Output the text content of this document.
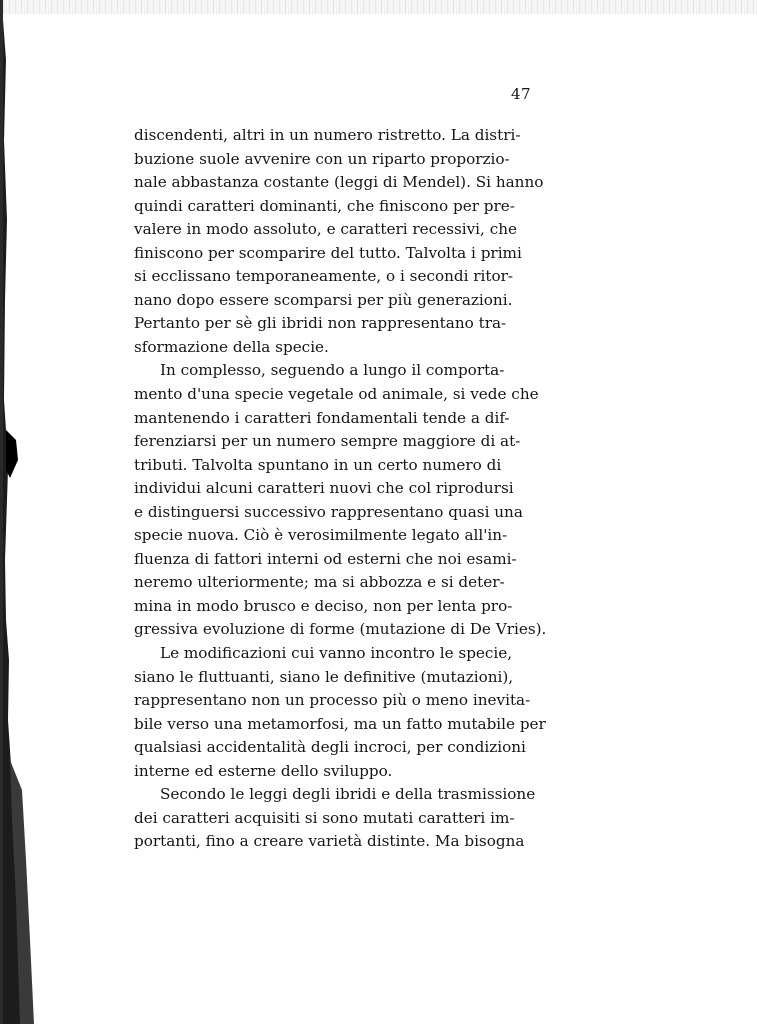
47
discendenti, altri in un numero ristretto. La distri-
buzione suole avvenire con un riparto proporzio-
nale abbastanza costante (leggi di Mendel). Si hanno
quindi caratteri dominanti, che finiscono per pre-
valere in modo assoluto, e caratteri recessivi, che
finiscono per scomparire del tutto. Talvolta i primi
si ecclissano temporaneamente, o i secondi ritor-
nano dopo essere scomparsi per più generazioni.
Pertanto per sè gli ibridi non rappresentano tra-
sformazione della specie.
In complesso, seguendo a lungo il comporta-
mento d'una specie vegetale od animale, si vede che
mantenendo i caratteri fondamentali tende a dif-
ferenziarsi per un numero sempre maggiore di at-
tributi. Talvolta spuntano in un certo numero di
individui alcuni caratteri nuovi che col riprodursi
e distinguersi successivo rappresentano quasi una
specie nuova. Ciò è verosimilmente legato all'in-
fluenza di fattori interni od esterni che noi esami-
neremo ulteriormente; ma si abbozza e si deter-
mina in modo brusco e deciso, non per lenta pro-
gressiva evoluzione di forme (mutazione di De Vries).
Le modificazioni cui vanno incontro le specie,
siano le fluttuanti, siano le definitive (mutazioni),
rappresentano non un processo più o meno inevita-
bile verso una metamorfosi, ma un fatto mutabile per
qualsiasi accidentalità degli incroci, per condizioni
interne ed esterne dello sviluppo.
Secondo le leggi degli ibridi e della trasmissione
dei caratteri acquisiti si sono mutati caratteri im-
portanti, fino a creare varietà distinte. Ma bisogna
